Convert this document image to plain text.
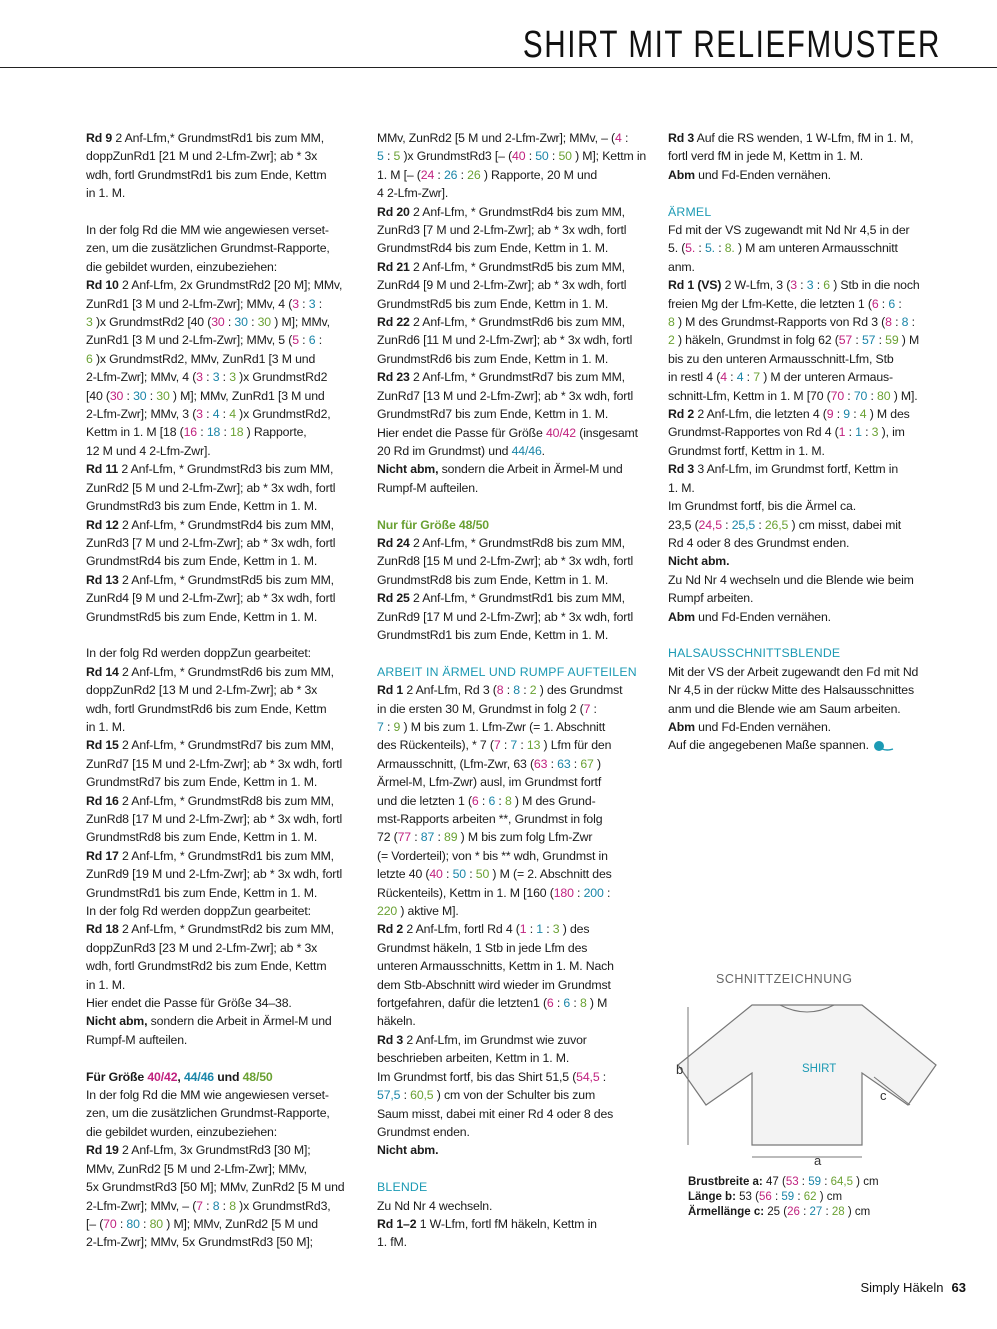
SHIRT MIT RELIEFMUSTER

Rd 9 2 Anf-Lfm,* GrundmstRd1 bis zum MM,
doppZunRd1 [21 M und 2-Lfm-Zwr]; ab * 3x
wdh, fortl GrundmstRd1 bis zum Ende, Kettm
in 1. M.

In der folg Rd die MM wie angewiesen verset-
zen, um die zusätzlichen Grundmst-Rapporte,
die gebildet wurden, einzubeziehen:
Rd 10 2 Anf-Lfm, 2x GrundmstRd2 [20 M]; MMv,
ZunRd1 [3 M und 2-Lfm-Zwr]; MMv, 4 (3 : 3 :
3 )x GrundmstRd2 [40 (30 : 30 : 30 ) M]; MMv,
ZunRd1 [3 M und 2-Lfm-Zwr]; MMv, 5 (5 : 6 :
6 )x GrundmstRd2, MMv, ZunRd1 [3 M und
2-Lfm-Zwr]; MMv, 4 (3 : 3 : 3 )x GrundmstRd2
[40 (30 : 30 : 30 ) M]; MMv, ZunRd1 [3 M und
2-Lfm-Zwr]; MMv, 3 (3 : 4 : 4 )x GrundmstRd2,
Kettm in 1. M [18 (16 : 18 : 18 ) Rapporte,
12 M und 4 2-Lfm-Zwr].
Rd 11 2 Anf-Lfm, * GrundmstRd3 bis zum MM,
ZunRd2 [5 M und 2-Lfm-Zwr]; ab * 3x wdh, fortl
GrundmstRd3 bis zum Ende, Kettm in 1. M.
Rd 12 2 Anf-Lfm, * GrundmstRd4 bis zum MM,
ZunRd3 [7 M und 2-Lfm-Zwr]; ab * 3x wdh, fortl
GrundmstRd4 bis zum Ende, Kettm in 1. M.
Rd 13 2 Anf-Lfm, * GrundmstRd5 bis zum MM,
ZunRd4 [9 M und 2-Lfm-Zwr]; ab * 3x wdh, fortl
GrundmstRd5 bis zum Ende, Kettm in 1. M.

In der folg Rd werden doppZun gearbeitet:
Rd 14 2 Anf-Lfm, * GrundmstRd6 bis zum MM,
doppZunRd2 [13 M und 2-Lfm-Zwr]; ab * 3x
wdh, fortl GrundmstRd6 bis zum Ende, Kettm
in 1. M.
Rd 15 2 Anf-Lfm, * GrundmstRd7 bis zum MM,
ZunRd7 [15 M und 2-Lfm-Zwr]; ab * 3x wdh, fortl
GrundmstRd7 bis zum Ende, Kettm in 1. M.
Rd 16 2 Anf-Lfm, * GrundmstRd8 bis zum MM,
ZunRd8 [17 M und 2-Lfm-Zwr]; ab * 3x wdh, fortl
GrundmstRd8 bis zum Ende, Kettm in 1. M.
Rd 17 2 Anf-Lfm, * GrundmstRd1 bis zum MM,
ZunRd9 [19 M und 2-Lfm-Zwr]; ab * 3x wdh, fortl
GrundmstRd1 bis zum Ende, Kettm in 1. M.
In der folg Rd werden doppZun gearbeitet:
Rd 18 2 Anf-Lfm, * GrundmstRd2 bis zum MM,
doppZunRd3 [23 M und 2-Lfm-Zwr]; ab * 3x
wdh, fortl GrundmstRd2 bis zum Ende, Kettm
in 1. M.
Hier endet die Passe für Größe 34–38.
Nicht abm, sondern die Arbeit in Ärmel-M und
Rumpf-M aufteilen.

Für Größe 40/42, 44/46 und 48/50
In der folg Rd die MM wie angewiesen verset-
zen, um die zusätzlichen Grundmst-Rapporte,
die gebildet wurden, einzubeziehen:
Rd 19 2 Anf-Lfm, 3x GrundmstRd3 [30 M];
MMv, ZunRd2 [5 M und 2-Lfm-Zwr]; MMv,
5x GrundmstRd3 [50 M]; MMv, ZunRd2 [5 M und
2-Lfm-Zwr]; MMv, – (7 : 8 : 8 )x GrundmstRd3,
[– (70 : 80 : 80 ) M]; MMv, ZunRd2 [5 M und
2-Lfm-Zwr]; MMv, 5x GrundmstRd3 [50 M];

MMv, ZunRd2 [5 M und 2-Lfm-Zwr]; MMv, – (4 :
5 : 5 )x GrundmstRd3 [– (40 : 50 : 50 ) M]; Kettm in
1. M [– (24 : 26 : 26 ) Rapporte, 20 M und
4 2-Lfm-Zwr].
Rd 20 2 Anf-Lfm, * GrundmstRd4 bis zum MM,
ZunRd3 [7 M und 2-Lfm-Zwr]; ab * 3x wdh, fortl
GrundmstRd4 bis zum Ende, Kettm in 1. M.
Rd 21 2 Anf-Lfm, * GrundmstRd5 bis zum MM,
ZunRd4 [9 M und 2-Lfm-Zwr]; ab * 3x wdh, fortl
GrundmstRd5 bis zum Ende, Kettm in 1. M.
Rd 22 2 Anf-Lfm, * GrundmstRd6 bis zum MM,
ZunRd6 [11 M und 2-Lfm-Zwr]; ab * 3x wdh, fortl
GrundmstRd6 bis zum Ende, Kettm in 1. M.
Rd 23 2 Anf-Lfm, * GrundmstRd7 bis zum MM,
ZunRd7 [13 M und 2-Lfm-Zwr]; ab * 3x wdh, fortl
GrundmstRd7 bis zum Ende, Kettm in 1. M.
Hier endet die Passe für Größe 40/42 (insgesamt
20 Rd im Grundmst) und 44/46.
Nicht abm, sondern die Arbeit in Ärmel-M und
Rumpf-M aufteilen.

Nur für Größe 48/50
Rd 24 2 Anf-Lfm, * GrundmstRd8 bis zum MM,
ZunRd8 [15 M und 2-Lfm-Zwr]; ab * 3x wdh, fortl
GrundmstRd8 bis zum Ende, Kettm in 1. M.
Rd 25 2 Anf-Lfm, * GrundmstRd1 bis zum MM,
ZunRd9 [17 M und 2-Lfm-Zwr]; ab * 3x wdh, fortl
GrundmstRd1 bis zum Ende, Kettm in 1. M.

ARBEIT IN ÄRMEL UND RUMPF AUFTEILEN
Rd 1 2 Anf-Lfm, Rd 3 (8 : 8 : 2 ) des Grundmst
in die ersten 30 M, Grundmst in folg 2 (7 :
7 : 9 ) M bis zum 1. Lfm-Zwr (= 1. Abschnitt
des Rückenteils), * 7 (7 : 7 : 13 ) Lfm für den
Armausschnitt, (Lfm-Zwr, 63 (63 : 63 : 67 )
Ärmel-M, Lfm-Zwr) ausl, im Grundmst fortf
und die letzten 1 (6 : 6 : 8 ) M des Grund-
mst-Rapports arbeiten **, Grundmst in folg
72 (77 : 87 : 89 ) M bis zum folg Lfm-Zwr
(= Vorderteil); von * bis ** wdh, Grundmst in
letzte 40 (40 : 50 : 50 ) M (= 2. Abschnitt des
Rückenteils), Kettm in 1. M [160 (180 : 200 :
220 ) aktive M].
Rd 2 2 Anf-Lfm, fortl Rd 4 (1 : 1 : 3 ) des
Grundmst häkeln, 1 Stb in jede Lfm des
unteren Armausschnitts, Kettm in 1. M. Nach
dem Stb-Abschnitt wird wieder im Grundmst
fortgefahren, dafür die letzten1 (6 : 6 : 8 ) M
häkeln.
Rd 3 2 Anf-Lfm, im Grundmst wie zuvor
beschrieben arbeiten, Kettm in 1. M.
Im Grundmst fortf, bis das Shirt 51,5 (54,5 :
57,5 : 60,5 ) cm von der Schulter bis zum
Saum misst, dabei mit einer Rd 4 oder 8 des
Grundmst enden.
Nicht abm.

BLENDE
Zu Nd Nr 4 wechseln.
Rd 1–2 1 W-Lfm, fortl fM häkeln, Kettm in
1. fM.

Rd 3 Auf die RS wenden, 1 W-Lfm, fM in 1. M,
fortl verd fM in jede M, Kettm in 1. M.
Abm und Fd-Enden vernähen.

ÄRMEL
Fd mit der VS zugewandt mit Nd Nr 4,5 in der
5. (5. : 5. : 8. ) M am unteren Armausschnitt
anm.
Rd 1 (VS) 2 W-Lfm, 3 (3 : 3 : 6 ) Stb in die noch
freien Mg der Lfm-Kette, die letzten 1 (6 : 6 :
8 ) M des Grundmst-Rapports von Rd 3 (8 : 8 :
2 ) häkeln, Grundmst in folg 62 (57 : 57 : 59 ) M
bis zu den unteren Armausschnitt-Lfm, Stb
in restl 4 (4 : 4 : 7 ) M der unteren Armaus-
schnitt-Lfm, Kettm in 1. M [70 (70 : 70 : 80 ) M].
Rd 2 2 Anf-Lfm, die letzten 4 (9 : 9 : 4 ) M des
Grundmst-Rapportes von Rd 4 (1 : 1 : 3 ), im
Grundmst fortf, Kettm in 1. M.
Rd 3 3 Anf-Lfm, im Grundmst fortf, Kettm in
1. M.
Im Grundmst fortf, bis die Ärmel ca.
23,5 (24,5 : 25,5 : 26,5 ) cm misst, dabei mit
Rd 4 oder 8 des Grundmst enden.
Nicht abm.
Zu Nd Nr 4 wechseln und die Blende wie beim
Rumpf arbeiten.
Abm und Fd-Enden vernähen.

HALSAUSSCHNITTSBLENDE
Mit der VS der Arbeit zugewandt den Fd mit Nd
Nr 4,5 in der rückw Mitte des Halsausschnittes
anm und die Blende wie am Saum arbeiten.
Abm und Fd-Enden vernähen.
Auf die angegebenen Maße spannen.

SCHNITTZEICHNUNG
SHIRT
b
a
c
Brustbreite a: 47 (53 : 59 : 64,5 ) cm
Länge b: 53 (56 : 59 : 62 ) cm
Ärmellänge c: 25 (26 : 27 : 28 ) cm
Simply Häkeln 63
